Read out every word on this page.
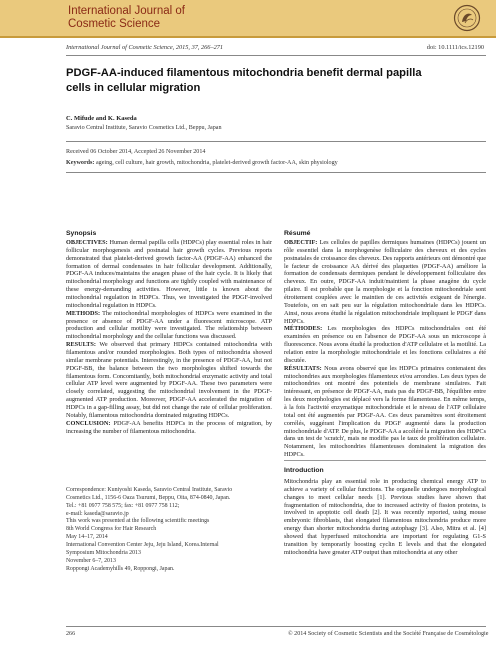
International Journal of
Cosmetic Science
International Journal of Cosmetic Science, 2015, 37, 266–271	doi: 10.1111/ics.12190
PDGF-AA-induced filamentous mitochondria benefit dermal papilla
cells in cellular migration
C. Mifude and K. Kaseda
Saravio Central Institute, Saravio Cosmetics Ltd., Beppu, Japan
Received 06 October 2014, Accepted 26 November 2014
Keywords: ageing, cell culture, hair growth, mitochondria, platelet-derived growth factor-AA, skin physiology
Synopsis
OBJECTIVES: Human dermal papilla cells (HDPCs) play essential roles in hair follicular morphogenesis and postnatal hair growth cycles. Previous reports demonstrated that platelet-derived growth factor-AA (PDGF-AA) enhanced the formation of dermal condensates in hair follicular development. Additionally, PDGF-AA induces/maintains the anagen phase of the hair cycle. It is likely that mitochondrial morphology and functions are tightly coupled with maintenance of these energy-demanding activities. However, little is known about the mitochondrial regulation in HDPCs. Thus, we investigated the PDGF-involved mitochondrial regulation in HDPCs.
METHODS: The mitochondrial morphologies of HDPCs were examined in the presence or absence of PDGF-AA under a fluorescent microscope. ATP production and cellular motility were investigated. The relationship between mitochondrial morphology and the cellular functions was discussed.
RESULTS: We observed that primary HDPCs contained mitochondria with filamentous and/or rounded morphologies. Both types of mitochondria showed similar membrane potentials. Interestingly, in the presence of PDGF-AA, but not PDGF-BB, the balance between the two morphologies shifted towards the filamentous form. Concomitantly, both mitochondrial enzymatic activity and total cellular ATP level were augmented by PDGF-AA. These two parameters were closely correlated, suggesting the mitochondrial involvement in the PDGF-augmented ATP production. Moreover, PDGF-AA accelerated the migration of HDPCs in a gap-filling assay, but did not change the rate of cellular proliferation. Notably, filamentous mitochondria dominated migrating HDPCs.
CONCLUSION: PDGF-AA benefits HDPCs in the process of migration, by increasing the number of filamentous mitochondria.
Résumé
OBJECTIF: Les cellules de papilles dermiques humaines (HDPCs) jouent un rôle essentiel dans la morphogenèse folliculaire des cheveux et des cycles postnatales de croissance des cheveux. Des rapports antérieurs ont démontré que le facteur de croissance AA dérivé des plaquettes (PDGF-AA) améliore la formation de condensats dermiques pendant le développement folliculaire des cheveux. En outre, PDGF-AA induit/maintient la phase anagène du cycle pilaire. Il est probable que la morphologie et la fonction mitochondriale sont étroitement couplées avec le maintien de ces activités exigeant de l'énergie. Toutefois, on en sait peu sur la régulation mitochondriale dans les HDPCs. Ainsi, nous avons étudié la régulation mitochondriale impliquant le PDGF dans HDPCs.
MÉTHODES: Les morphologies des HDPCs mitochondriales ont été examinées en présence ou en l'absence de PDGF-AA sous un microscope à fluorescence. Nous avons étudié la production d'ATP cellulaire et la motilité. La relation entre la morphologie mitochondriale et les fonctions cellulaires a été discutée.
RÉSULTATS: Nous avons observé que les HDPCs primaires contenaient des mitochondries aux morphologies filamenteux et/ou arrondies. Les deux types de mitochondries ont montré des potentiels de membrane similaires. Fait intéressant, en présence de PDGF-AA, mais pas du PDGF-BB, l'équilibre entre les deux morphologies est déplacé vers la forme filamenteuse. En même temps, à la fois l'activité enzymatique mitochondriale et le niveau de l'ATP cellulaire total ont été augmentés par PDGF-AA. Ces deux paramètres sont étroitement corrélés, suggérant l'implication du PDGF augmenté dans la production mitochondriale d'ATP. De plus, le PDGF-AA a accéléré la migration des HDPCs dans un test de 'scratch', mais ne modifie pas le taux de prolifération cellulaire. Notamment, les mitochondries filamenteuses dominaient la migration des HDPCs.
Introduction
Mitochondria play an essential role in producing chemical energy ATP to achieve a variety of cellular functions. The organelle undergoes morphological changes to meet cellular needs [1]. Previous studies have shown that fragmentation of mitochondria, due to increased activity of fission proteins, is involved in apoptotic cell death [2]. It was recently reported, using mouse embryonic fibroblasts, that elongated filamentous mitochondria produce more energy than shorter mitochondria during autophagy [3]. Also, Mitra et al. [4] showed that hyperfused mitochondria are important for regulating G1-S transition by temporarily boosting cyclin E levels and that the elongated mitochondria have greater ATP output than mitochondria at any other
Correspondence: Kuniyoshi Kaseda, Saravio Central Institute, Saravio
Cosmetics Ltd., 1156-6 Oaza Tsurumi, Beppu, Oita, 874-0840, Japan.
Tel.: +81 0977 758 575; fax: +81 0977 758 112;
e-mail: kaseda@saravio.jp
This work was presented at the following scientific meetings
8th World Congress for Hair Research
May 14–17, 2014
International Convention Center Jeju, Jeju Island, Korea.Internal
Symposium Mitochondria 2013
November 6–7, 2013
Roppongi Academyhills 49, Roppongi, Japan.
266	© 2014 Society of Cosmetic Scientists and the Société Française de Cosmétologie
